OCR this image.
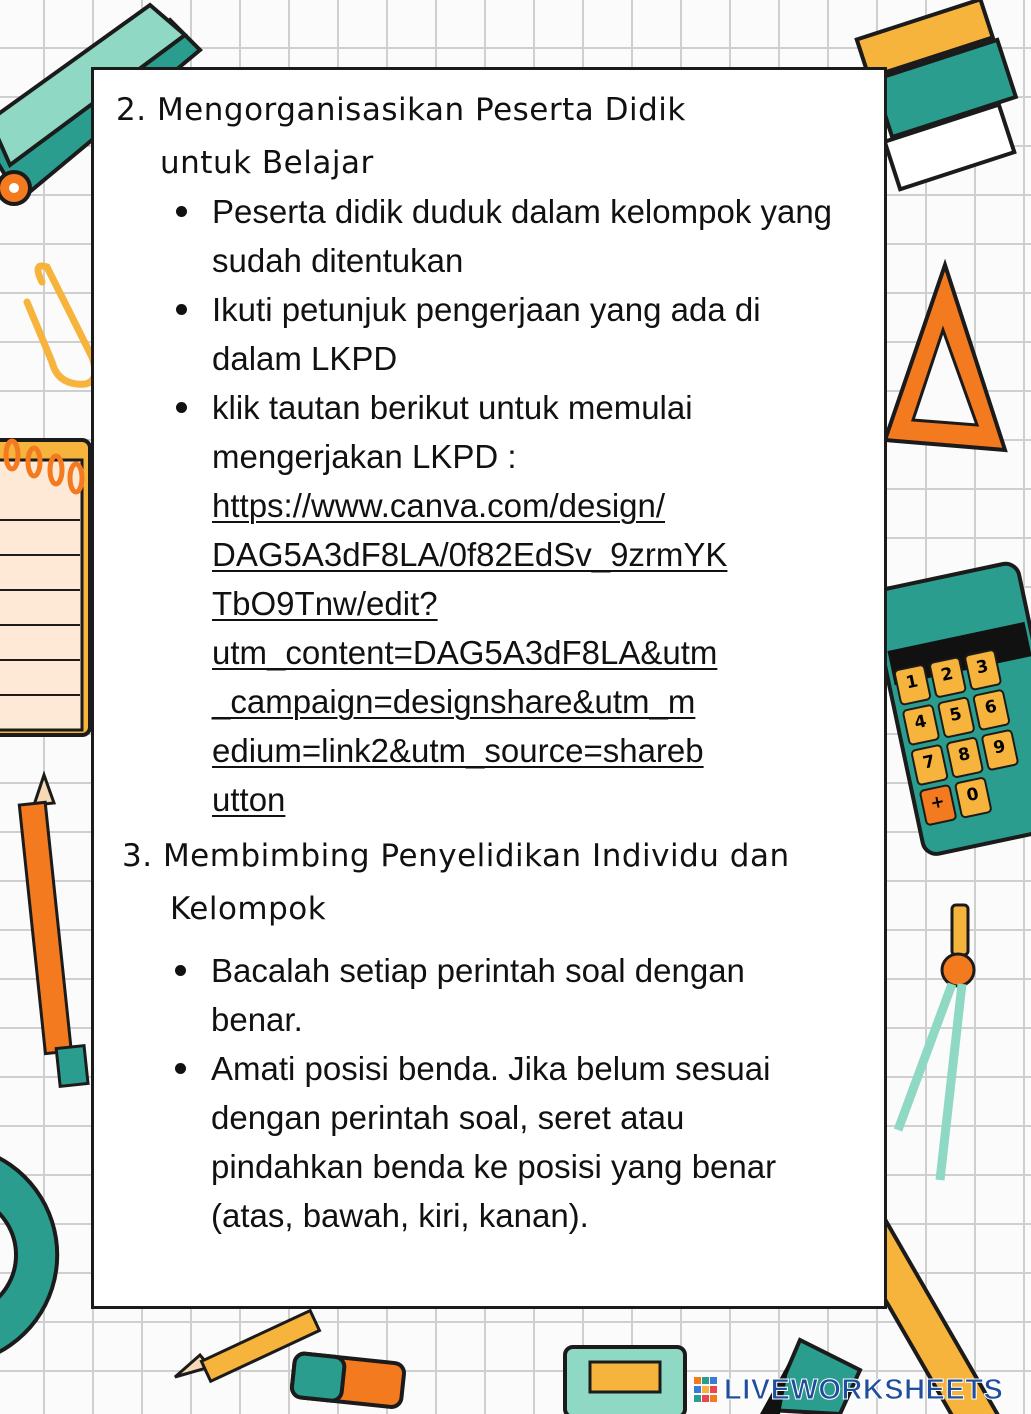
1	2	3
4	5	6
7	8	9
+	0
2. Mengorganisasikan Peserta Didik
untuk Belajar
Peserta didik duduk dalam kelompok yang sudah ditentukan
Ikuti petunjuk pengerjaan yang ada di dalam LKPD
klik tautan berikut untuk memulai mengerjakan LKPD :
https://www.canva.com/design/
DAG5A3dF8LA/0f82EdSv_9zrmYK
TbO9Tnw/edit?
utm_content=DAG5A3dF8LA&utm
_campaign=designshare&utm_m
edium=link2&utm_source=shareb
utton
3. Membimbing Penyelidikan Individu dan
Kelompok
Bacalah setiap perintah soal dengan benar.
Amati posisi benda. Jika belum sesuai dengan perintah soal, seret atau pindahkan benda ke posisi yang benar (atas, bawah, kiri, kanan).
LIVEWORKSHEETS
